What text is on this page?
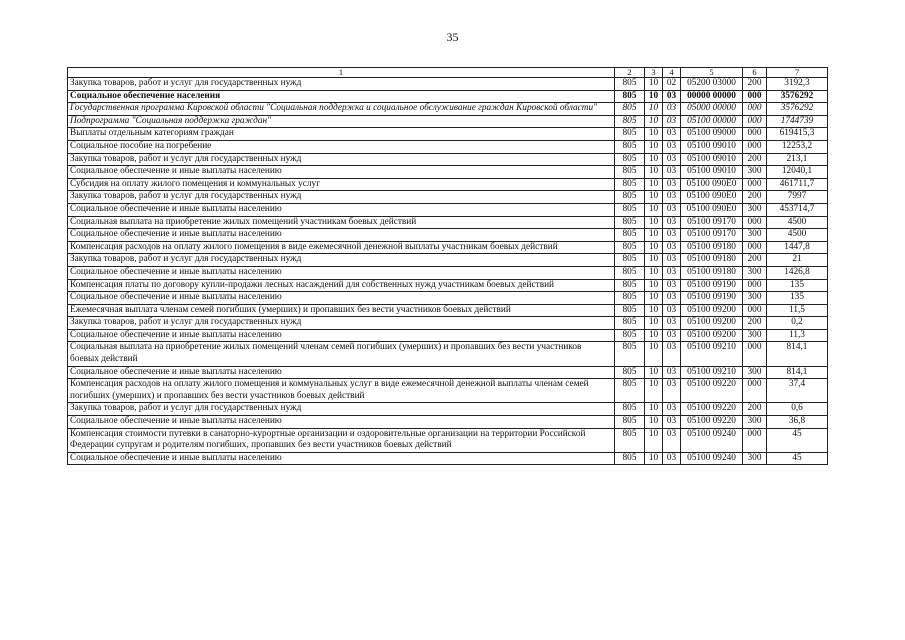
35
1	2	3	4	5	6	7
Закупка товаров, работ и услуг для государственных нужд	805	10	02	05200 03000	200	3192,3
Социальное обеспечение населения	805	10	03	00000 00000	000	3576292
Государственная программа Кировской области "Социальная поддержка и социальное обслуживание граждан Кировской области"	805	10	03	05000 00000	000	3576292
Подпрограмма "Социальная поддержка граждан"	805	10	03	05100 00000	000	1744739
Выплаты отдельным категориям граждан	805	10	03	05100 09000	000	619415,3
Социальное пособие на погребение	805	10	03	05100 09010	000	12253,2
Закупка товаров, работ и услуг для государственных нужд	805	10	03	05100 09010	200	213,1
Социальное обеспечение и иные выплаты населению	805	10	03	05100 09010	300	12040,1
Субсидия на оплату жилого помещения и коммунальных услуг	805	10	03	05100 090Е0	000	461711,7
Закупка товаров, работ и услуг для государственных нужд	805	10	03	05100 090Е0	200	7997
Социальное обеспечение и иные выплаты населению	805	10	03	05100 090Е0	300	453714,7
Социальная выплата на приобретение жилых помещений участникам боевых действий	805	10	03	05100 09170	000	4500
Социальное обеспечение и иные выплаты населению	805	10	03	05100 09170	300	4500
Компенсация расходов на оплату жилого помещения в виде ежемесячной денежной выплаты участникам боевых действий	805	10	03	05100 09180	000	1447,8
Закупка товаров, работ и услуг для государственных нужд	805	10	03	05100 09180	200	21
Социальное обеспечение и иные выплаты населению	805	10	03	05100 09180	300	1426,8
Компенсация платы по договору купли-продажи лесных насаждений для собственных нужд участникам боевых действий	805	10	03	05100 09190	000	135
Социальное обеспечение и иные выплаты населению	805	10	03	05100 09190	300	135
Ежемесячная выплата членам семей погибших (умерших) и пропавших без вести участников боевых действий	805	10	03	05100 09200	000	11,5
Закупка товаров, работ и услуг для государственных нужд	805	10	03	05100 09200	200	0,2
Социальное обеспечение и иные выплаты населению	805	10	03	05100 09200	300	11,3
Социальная выплата на приобретение жилых помещений членам семей погибших (умерших) и пропавших без вести участников боевых действий	805	10	03	05100 09210	000	814,1
Социальное обеспечение и иные выплаты населению	805	10	03	05100 09210	300	814,1
Компенсация расходов на оплату жилого помещения и коммунальных услуг в виде ежемесячной денежной выплаты членам семей погибших (умерших) и пропавших без вести участников боевых действий	805	10	03	05100 09220	000	37,4
Закупка товаров, работ и услуг для государственных нужд	805	10	03	05100 09220	200	0,6
Социальное обеспечение и иные выплаты населению	805	10	03	05100 09220	300	36,8
Компенсация стоимости путевки в санаторно-курортные организации и оздоровительные организации на территории Российской Федерации супругам и родителям погибших, пропавших без вести участников боевых действий	805	10	03	05100 09240	000	45
Социальное обеспечение и иные выплаты населению	805	10	03	05100 09240	300	45
